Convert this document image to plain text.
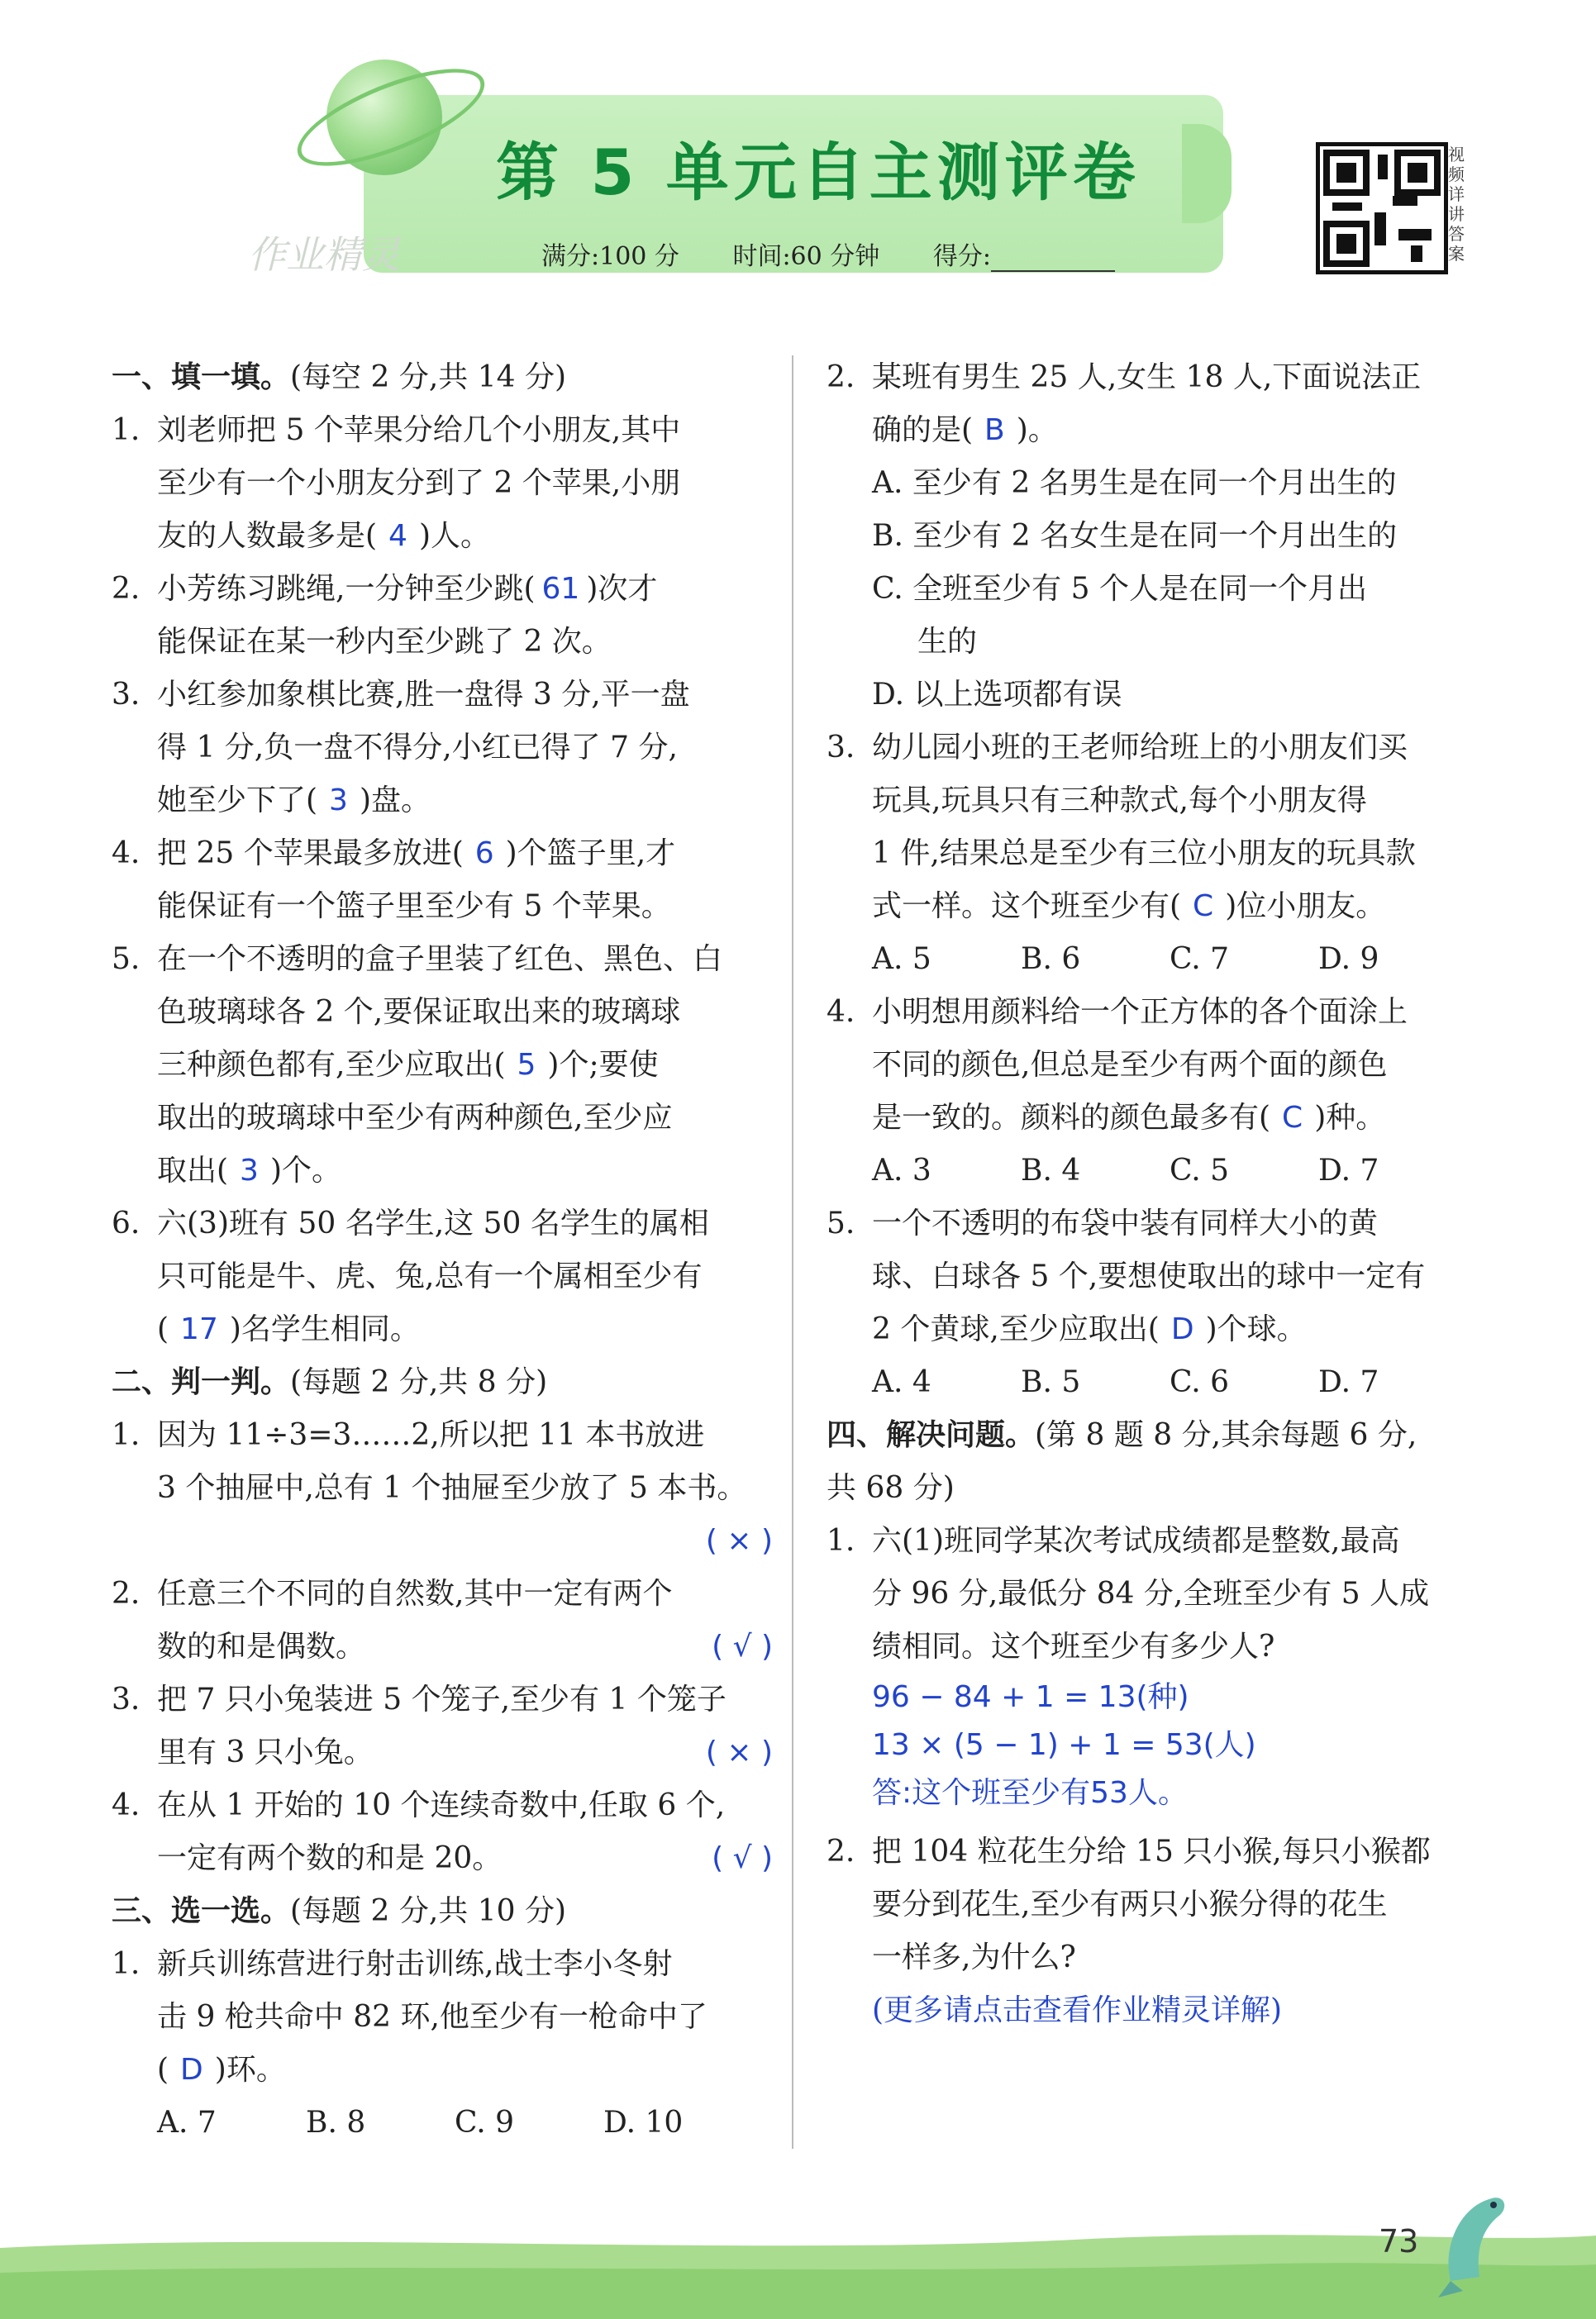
第 5 单元自主测评卷
作业精灵	满分:100 分 时间:60 分钟 得分:
视频详讲答案
一、填一填。(每空 2 分,共 14 分)
1. 刘老师把 5 个苹果分给几个小朋友,其中
至少有一个小朋友分到了 2 个苹果,小朋
友的人数最多是( 4 )人。
2. 小芳练习跳绳,一分钟至少跳( 61 )次才
能保证在某一秒内至少跳了 2 次。
3. 小红参加象棋比赛,胜一盘得 3 分,平一盘
得 1 分,负一盘不得分,小红已得了 7 分,
她至少下了( 3 )盘。
4. 把 25 个苹果最多放进( 6 )个篮子里,才
能保证有一个篮子里至少有 5 个苹果。
5. 在一个不透明的盒子里装了红色、黑色、白
色玻璃球各 2 个,要保证取出来的玻璃球
三种颜色都有,至少应取出( 5 )个;要使
取出的玻璃球中至少有两种颜色,至少应
取出( 3 )个。
6. 六(3)班有 50 名学生,这 50 名学生的属相
只可能是牛、虎、兔,总有一个属相至少有
( 17 )名学生相同。
二、判一判。(每题 2 分,共 8 分)
1. 因为 11÷3=3……2,所以把 11 本书放进
3 个抽屉中,总有 1 个抽屉至少放了 5 本书。
( × )

2. 任意三个不同的自然数,其中一定有两个
数的和是偶数。	( √ )
3. 把 7 只小兔装进 5 个笼子,至少有 1 个笼子
里有 3 只小兔。	( × )
4. 在从 1 开始的 10 个连续奇数中,任取 6 个,
一定有两个数的和是 20。	( √ )
三、选一选。(每题 2 分,共 10 分)
1. 新兵训练营进行射击训练,战士李小冬射
击 9 枪共命中 82 环,他至少有一枪命中了
( D )环。
A. 7	B. 8	C. 9	D. 10
2. 某班有男生 25 人,女生 18 人,下面说法正
确的是( B )。
A. 至少有 2 名男生是在同一个月出生的
B. 至少有 2 名女生是在同一个月出生的
C. 全班至少有 5 个人是在同一个月出
生的
D. 以上选项都有误
3. 幼儿园小班的王老师给班上的小朋友们买
玩具,玩具只有三种款式,每个小朋友得
1 件,结果总是至少有三位小朋友的玩具款
式一样。这个班至少有( C )位小朋友。
A. 5	B. 6	C. 7	D. 9
4. 小明想用颜料给一个正方体的各个面涂上
不同的颜色,但总是至少有两个面的颜色
是一致的。颜料的颜色最多有( C )种。
A. 3	B. 4	C. 5	D. 7
5. 一个不透明的布袋中装有同样大小的黄
球、白球各 5 个,要想使取出的球中一定有
2 个黄球,至少应取出( D )个球。
A. 4	B. 5	C. 6	D. 7
四、解决问题。(第 8 题 8 分,其余每题 6 分,
共 68 分)
1. 六(1)班同学某次考试成绩都是整数,最高
分 96 分,最低分 84 分,全班至少有 5 人成
绩相同。这个班至少有多少人?
96 − 84 + 1 = 13(种)
13 × (5 − 1) + 1 = 53(人)
答:这个班至少有53人。
2. 把 104 粒花生分给 15 只小猴,每只小猴都
要分到花生,至少有两只小猴分得的花生
一样多,为什么?
(更多请点击查看作业精灵详解)
73
